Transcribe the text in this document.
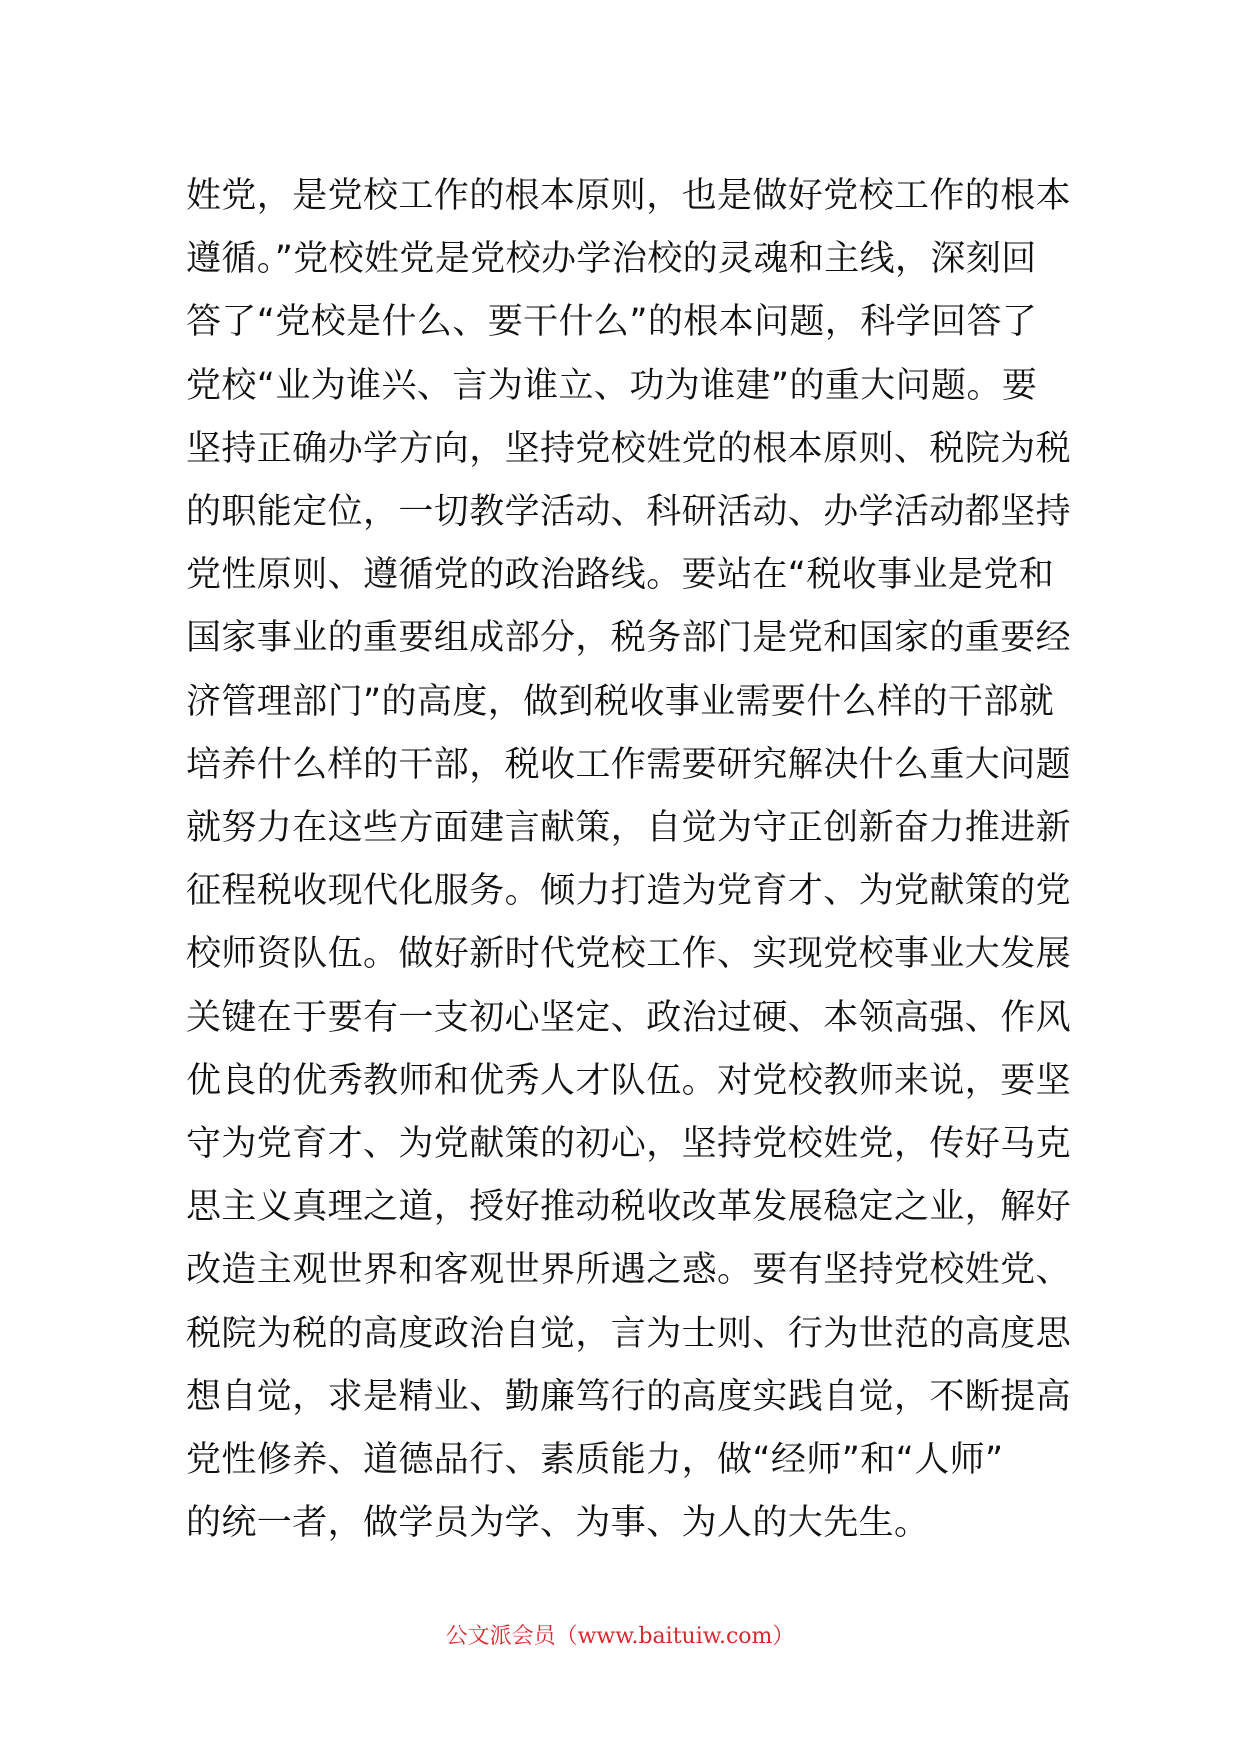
姓党，是党校工作的根本原则，也是做好党校工作的根本
遵循。”党校姓党是党校办学治校的灵魂和主线，深刻回
答了“党校是什么、要干什么”的根本问题，科学回答了
党校“业为谁兴、言为谁立、功为谁建”的重大问题。要
坚持正确办学方向，坚持党校姓党的根本原则、税院为税
的职能定位，一切教学活动、科研活动、办学活动都坚持
党性原则、遵循党的政治路线。要站在“税收事业是党和
国家事业的重要组成部分，税务部门是党和国家的重要经
济管理部门”的高度，做到税收事业需要什么样的干部就
培养什么样的干部，税收工作需要研究解决什么重大问题
就努力在这些方面建言献策，自觉为守正创新奋力推进新
征程税收现代化服务。倾力打造为党育才、为党献策的党
校师资队伍。做好新时代党校工作、实现党校事业大发展
关键在于要有一支初心坚定、政治过硬、本领高强、作风
优良的优秀教师和优秀人才队伍。对党校教师来说，要坚
守为党育才、为党献策的初心，坚持党校姓党，传好马克
思主义真理之道，授好推动税收改革发展稳定之业，解好
改造主观世界和客观世界所遇之惑。要有坚持党校姓党、
税院为税的高度政治自觉，言为士则、行为世范的高度思
想自觉，求是精业、勤廉笃行的高度实践自觉，不断提高
党性修养、道德品行、素质能力，做“经师”和“人师”
的统一者，做学员为学、为事、为人的大先生。
公文派会员（www.baituiw.com）
